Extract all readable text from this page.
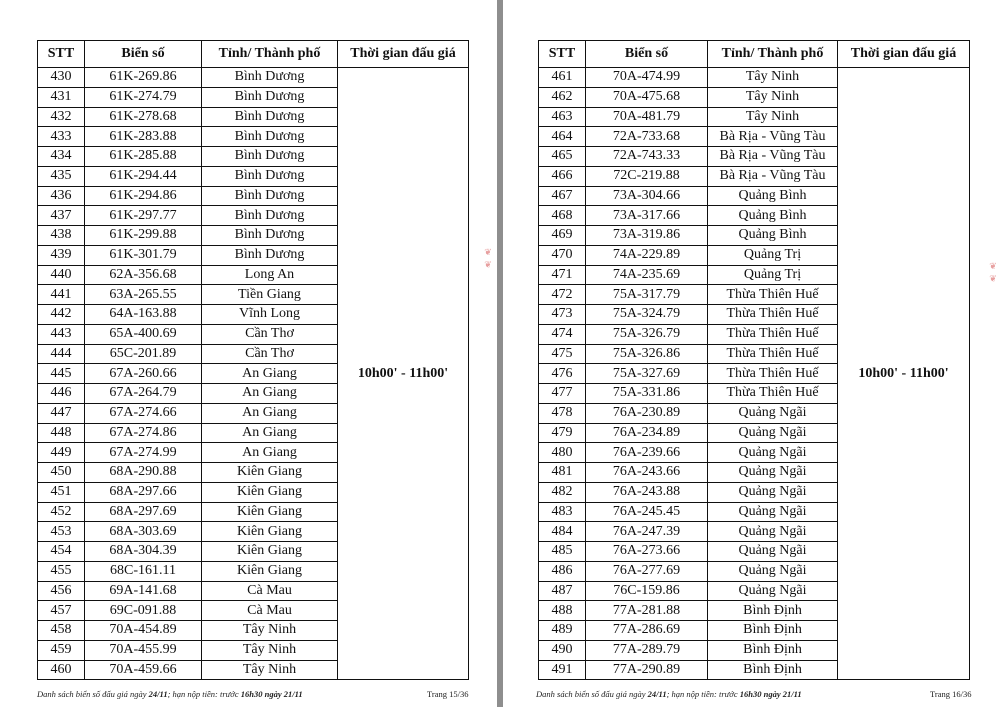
STT	Biển số	Tỉnh/ Thành phố	Thời gian đấu giá
430	61K-269.86	Bình Dương	10h00' - 11h00'
431	61K-274.79	Bình Dương	
432	61K-278.68	Bình Dương	
433	61K-283.88	Bình Dương	
434	61K-285.88	Bình Dương	
435	61K-294.44	Bình Dương	
436	61K-294.86	Bình Dương	
437	61K-297.77	Bình Dương	
438	61K-299.88	Bình Dương	
439	61K-301.79	Bình Dương	
440	62A-356.68	Long An	
441	63A-265.55	Tiền Giang	
442	64A-163.88	Vĩnh Long	
443	65A-400.69	Cần Thơ	
444	65C-201.89	Cần Thơ	
445	67A-260.66	An Giang	
446	67A-264.79	An Giang	
447	67A-274.66	An Giang	
448	67A-274.86	An Giang	
449	67A-274.99	An Giang	
450	68A-290.88	Kiên Giang	
451	68A-297.66	Kiên Giang	
452	68A-297.69	Kiên Giang	
453	68A-303.69	Kiên Giang	
454	68A-304.39	Kiên Giang	
455	68C-161.11	Kiên Giang	
456	69A-141.68	Cà Mau	
457	69C-091.88	Cà Mau	
458	70A-454.89	Tây Ninh	
459	70A-455.99	Tây Ninh	
460	70A-459.66	Tây Ninh	
❦ ❦
Danh sách biển số đấu giá ngày 24/11; hạn nộp tiền: trước 16h30 ngày 21/11	Trang 15/36
STT	Biển số	Tỉnh/ Thành phố	Thời gian đấu giá
461	70A-474.99	Tây Ninh	10h00' - 11h00'
462	70A-475.68	Tây Ninh	
463	70A-481.79	Tây Ninh	
464	72A-733.68	Bà Rịa - Vũng Tàu	
465	72A-743.33	Bà Rịa - Vũng Tàu	
466	72C-219.88	Bà Rịa - Vũng Tàu	
467	73A-304.66	Quảng Bình	
468	73A-317.66	Quảng Bình	
469	73A-319.86	Quảng Bình	
470	74A-229.89	Quảng Trị	
471	74A-235.69	Quảng Trị	
472	75A-317.79	Thừa Thiên Huế	
473	75A-324.79	Thừa Thiên Huế	
474	75A-326.79	Thừa Thiên Huế	
475	75A-326.86	Thừa Thiên Huế	
476	75A-327.69	Thừa Thiên Huế	
477	75A-331.86	Thừa Thiên Huế	
478	76A-230.89	Quảng Ngãi	
479	76A-234.89	Quảng Ngãi	
480	76A-239.66	Quảng Ngãi	
481	76A-243.66	Quảng Ngãi	
482	76A-243.88	Quảng Ngãi	
483	76A-245.45	Quảng Ngãi	
484	76A-247.39	Quảng Ngãi	
485	76A-273.66	Quảng Ngãi	
486	76A-277.69	Quảng Ngãi	
487	76C-159.86	Quảng Ngãi	
488	77A-281.88	Bình Định	
489	77A-286.69	Bình Định	
490	77A-289.79	Bình Định	
491	77A-290.89	Bình Định	
❦ ❦
Danh sách biển số đấu giá ngày 24/11; hạn nộp tiền: trước 16h30 ngày 21/11	Trang 16/36
